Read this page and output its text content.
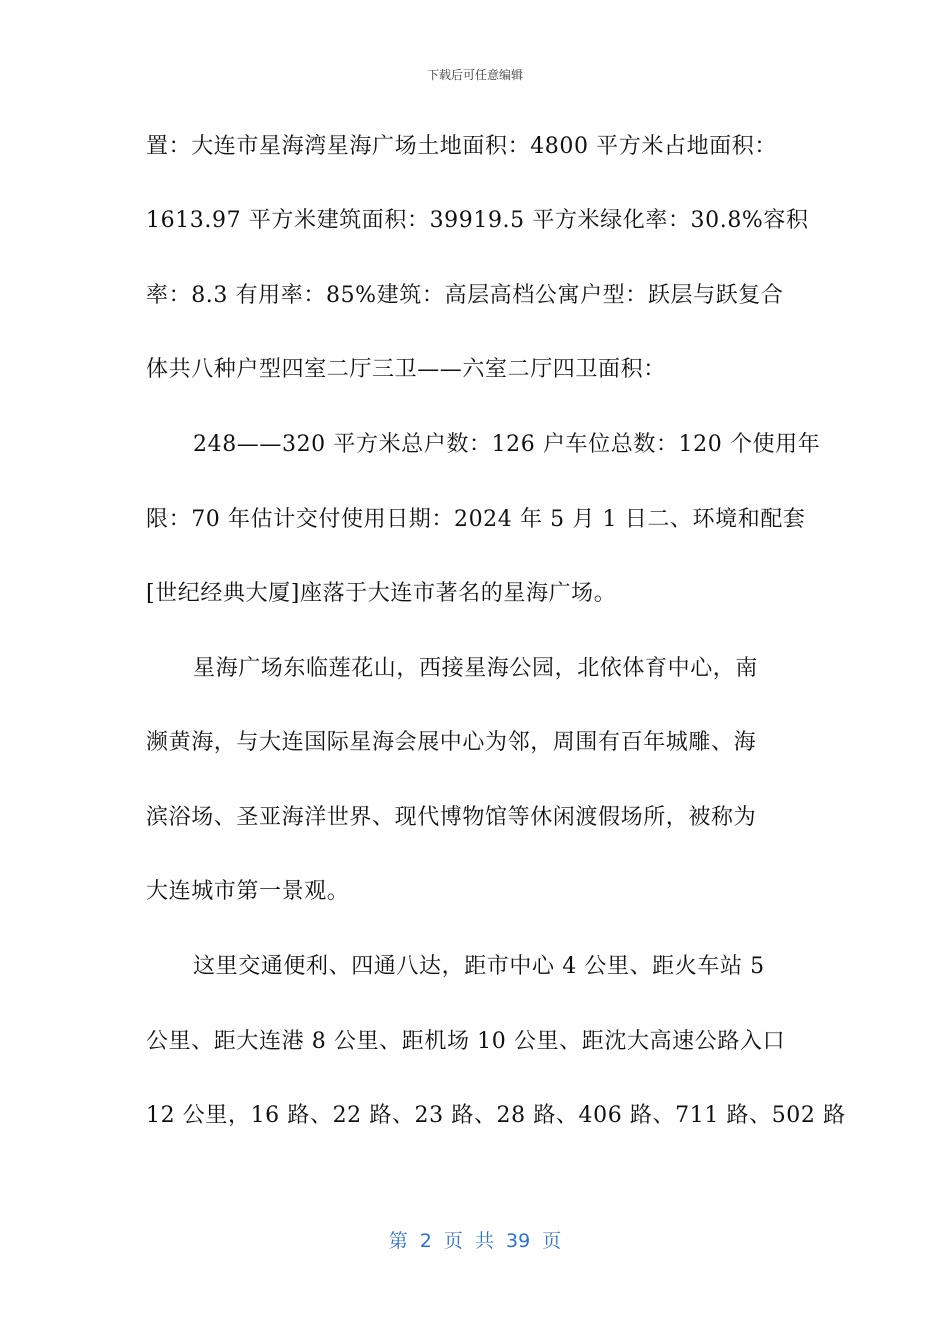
下载后可任意编辑
置：大连市星海湾星海广场土地面积：4800 平方米占地面积：
1613.97 平方米建筑面积：39919.5 平方米绿化率：30.8%容积
率：8.3 有用率：85%建筑：高层高档公寓户型：跃层与跃复合
体共八种户型四室二厅三卫——六室二厅四卫面积：
248——320 平方米总户数：126 户车位总数：120 个使用年
限：70 年估计交付使用日期：2024 年 5 月 1 日二、环境和配套
[世纪经典大厦]座落于大连市著名的星海广场。
星海广场东临莲花山，西接星海公园，北依体育中心，南
濒黄海，与大连国际星海会展中心为邻，周围有百年城雕、海
滨浴场、圣亚海洋世界、现代博物馆等休闲渡假场所，被称为
大连城市第一景观。
这里交通便利、四通八达，距市中心 4 公里、距火车站 5
公里、距大连港 8 公里、距机场 10 公里、距沈大高速公路入口
12 公里，16 路、22 路、23 路、28 路、406 路、711 路、502 路
第 2 页 共 39 页
